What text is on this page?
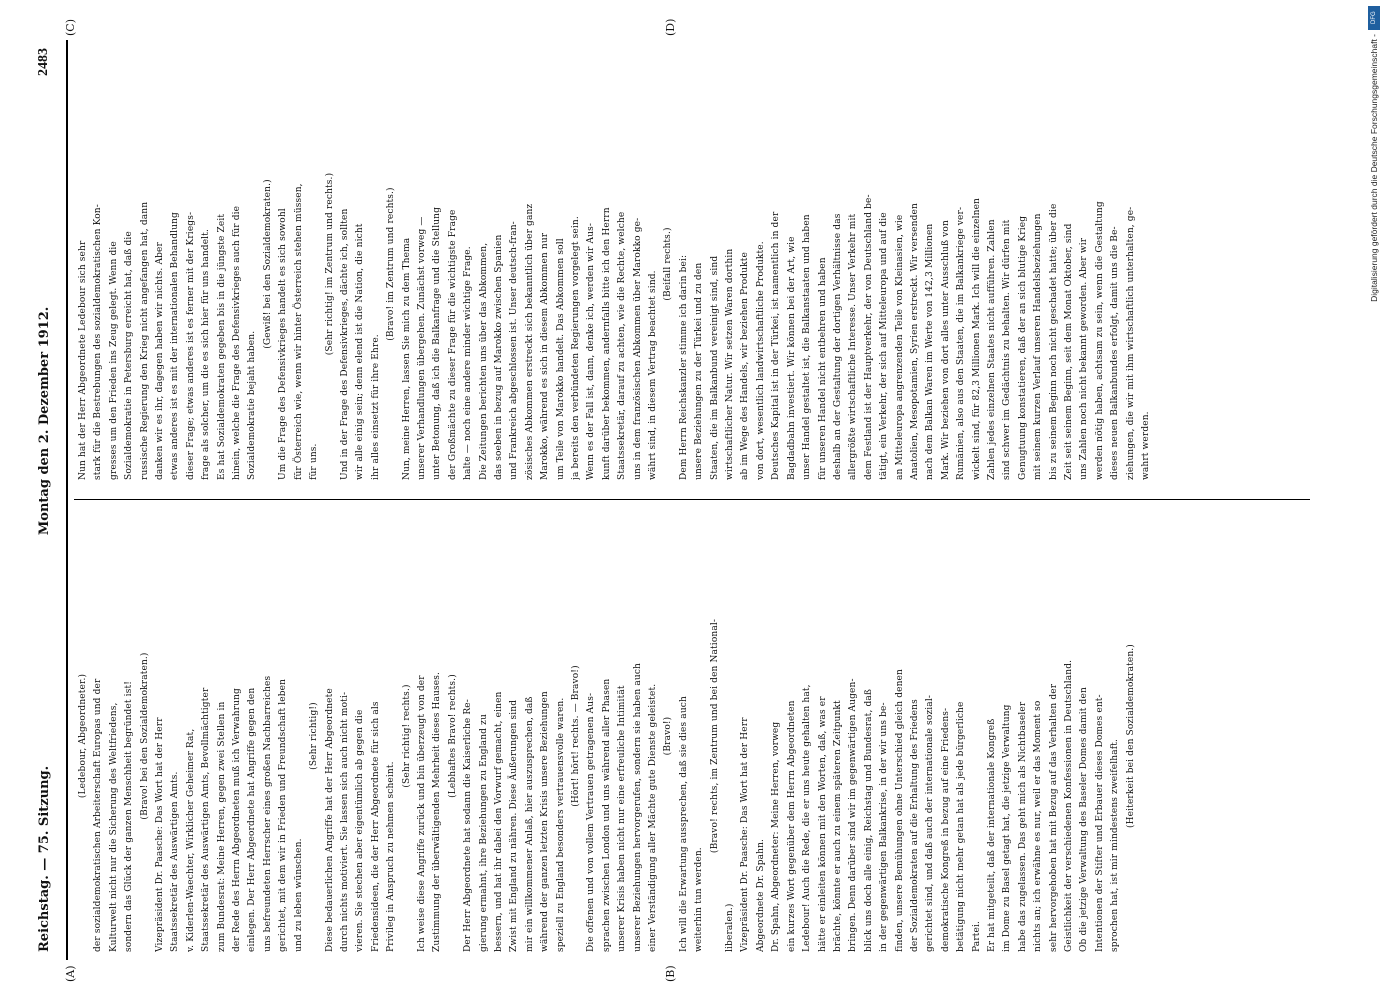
Reichstag. — 75. Sitzung.
Montag den 2. Dezember 1912.
2483
(Ledebour, Abgeordneter.) der sozialdemokratischen Arbeiterschaft Europas und der Kulturwelt nicht nur die Sicherung des Weltfriedens, sondern das Glück der ganzen Menschheit begründet ist! (Bravo! bei den Sozialdemokraten.) Vizepräsident Dr. Paasche: Das Wort hat der Herr Staatssekretär des Auswärtigen Amts. v. Kiderlen-Waechter, Wirklicher Geheimer Rat, Staatssekretär des Auswärtigen Amts, Bevollmächtigter zum Bundesrat: Meine Herren, gegen zwei Stellen in der Rede des Herrn Abgeordneten muß ich Verwahrung einlegen. Der Herr Abgeordnete hat Angriffe gegen den uns befreundeten Herrscher eines großen Nachbarreiches gerichtet, mit dem wir in Frieden und Freundschaft leben und zu leben wünschen.
(Sehr richtig!) Diese bedauerlichen Angriffe hat der Herr Abgeordnete durch nichts motiviert. Sie lassen sich auch nicht moti- vieren. Sie stechen aber eigentümlich ab gegen die Friedensideen, die der Herr Abgeordnete für sich als Privileg in Anspruch zu nehmen scheint.
(Sehr richtig! rechts.) Ich weise diese Angriffe zurück und bin überzeugt von der Zustimmung der überwältigenden Mehrheit dieses Hauses. (Lebhaftes Bravo! rechts.) Der Herr Abgeordnete hat sodann die Kaiserliche Re- gierung ermahnt, ihre Beziehungen zu England zu bessern, und hat ihr dabei den Vorwurf gemacht, einen Zwist mit England zu nähren. Diese Äußerungen sind mir ein willkommener Anlaß, hier auszusprechen, daß während der ganzen letzten Krisis unsere Beziehungen speziell zu England besonders vertrauensvolle waren. (Hört! hört! rechts. — Bravo!) Die offenen und von vollem Vertrauen getragenen Aus- sprachen zwischen London und uns während aller Phasen unserer Krisis haben nicht nur eine erfreuliche Intimität unserer Beziehungen hervorgerufen, sondern sie haben auch einer Verständigung aller Mächte gute Dienste geleistet. (Bravo!) Ich will die Erwartung aussprechen, daß sie dies auch weiterhin tun werden.
(Bravo! rechts, im Zentrum und bei den National-
liberalen.) Vizepräsident Dr. Paasche: Das Wort hat der Herr Abgeordnete Dr. Spahn. Dr. Spahn, Abgeordneter: Meine Herren, vorweg ein kurzes Wort gegenüber dem Herrn Abgeordneten Ledebour! Auch die Rede, die er uns heute gehalten hat, hätte er einleiten können mit den Worten, daß, was er brächte, könnte er auch zu einem späteren Zeitpunkt bringen. Denn darüber sind wir im gegenwärtigen Augen- blick uns doch alle einig, Reichstag und Bundesrat, daß in der gegenwärtigen Balkankrise, in der wir uns be- finden, unsere Bemühungen ohne Unterschied gleich denen der Sozialdemokraten auf die Erhaltung des Friedens gerichtet sind, und daß auch der internationale sozial- demokratische Kongreß in bezug auf eine Friedens- betätigung nicht mehr getan hat als jede bürgerliche Partei. Er hat mitgeteilt, daß der internationale Kongreß im Dome zu Basel getagt hat, die jetzige Verwaltung habe das zugelassen. Das geht mich als Nichtbaseler nichts an; ich erwähne es nur, weil er das Moment so sehr hervorgehoben hat mit Bezug auf das Verhalten der Geistlichkeit der verschiedenen Konfessionen in Deutschland. Ob die jetzige Verwaltung des Baseler Domes damit den Intentionen der Stifter und Erbauer dieses Domes ent- sprochen hat, ist mir mindestens zweifelhaft.
(Heiterkeit bei den Sozialdemokraten.)
Nun hat der Herr Abgeordnete Ledebour sich sehr stark für die Bestrebungen des sozialdemokratischen Kon- gresses um den Frieden ins Zeug gelegt. Wenn die Sozialdemokratie in Petersburg erreicht hat, daß die russische Regierung den Krieg nicht angefangen hat, dann danken wir es ihr, dagegen haben wir nichts. Aber etwas anderes ist es mit der internationalen Behandlung dieser Frage; etwas anderes ist es ferner mit der Kriegs- frage als solcher, um die es sich hier für uns handelt. Es hat Sozialdemokraten gegeben bis in die jüngste Zeit hinein, welche die Frage des Defensivkrieges auch für die Sozialdemokratie bejaht haben.
(Gewiß! bei den Sozialdemokraten.) Um die Frage des Defensivkrieges handelt es sich sowohl für Österreich wie, wenn wir hinter Österreich stehen müssen, für uns.
(Sehr richtig! im Zentrum und rechts.) Und in der Frage des Defensivkrieges, dächte ich, sollten wir alle einig sein; denn elend ist die Nation, die nicht ihr alles einsetzt für ihre Ehre.
(Bravo! im Zentrum und rechts.) Nun, meine Herren, lassen Sie mich zu dem Thema unserer Verhandlungen übergehen. Zunächst vorweg — unter Betonung, daß ich die Balkanfrage und die Stellung der Großmächte zu dieser Frage für die wichtigste Frage halte — noch eine andere minder wichtige Frage. Die Zeitungen berichten uns über das Abkommen, das soeben in bezug auf Marokko zwischen Spanien und Frankreich abgeschlossen ist. Unser deutsch-fran- zösisches Abkommen erstreckt sich bekanntlich über ganz Marokko, während es sich in diesem Abkommen nur um Teile von Marokko handelt. Das Abkommen soll ja bereits den verbündeten Regierungen vorgelegt sein. Wenn es der Fall ist, dann, denke ich, werden wir Aus- kunft darüber bekommen, andernfalls bitte ich den Herrn Staatssekretär, darauf zu achten, wie die Rechte, welche uns in dem französischen Abkommen über Marokko ge- währt sind, in diesem Vertrag beachtet sind.
(Beifall rechts.) Dem Herrn Reichskanzler stimme ich darin bei: unsere Beziehungen zu der Türkei und zu den Staaten, die im Balkanbund vereinigt sind, sind wirtschaftlicher Natur. Wir setzen Waren dorthin ab im Wege des Handels, wir beziehen Produkte von dort, wesentlich landwirtschaftliche Produkte. Deutsches Kapital ist in der Türkei, ist namentlich in der Bagdadbahn investiert. Wir können bei der Art, wie unser Handel gestaltet ist, die Balkanstaaten und haben für unseren Handel nicht entbehren und haben deshalb an der Gestaltung der dortigen Verhältnisse das allergrößte wirtschaftliche Interesse. Unser Verkehr mit dem Festland ist der Hauptverkehr, der von Deutschland be- tätigt, ein Verkehr, der sich auf Mitteleuropa und auf die an Mitteleuropa angrenzenden Teile von Kleinasien, wie Anatolien, Mesopotamien, Syrien erstreckt. Wir versenden nach dem Balkan Waren im Werte von 142,3 Millionen Mark. Wir beziehen von dort alles unter Ausschluß von Rumänien, also aus den Staaten, die im Balkankriege ver- wickelt sind, für 82,3 Millionen Mark. Ich will die einzelnen Zahlen jedes einzelnen Staates nicht aufführen. Zahlen sind schwer im Gedächtnis zu behalten. Wir dürfen mit Genugtuung konstatieren, daß der an sich blutige Krieg mit seinem kurzen Verlauf unseren Handelsbeziehungen bis zu seinem Beginn noch nicht geschadet hatte; über die Zeit seit seinem Beginn, seit dem Monat Oktober, sind uns Zahlen noch nicht bekannt geworden. Aber wir werden nötig haben, achtsam zu sein, wenn die Gestaltung dieses neuen Balkanbundes erfolgt, damit uns die Be- ziehungen, die wir mit ihm wirtschaftlich unterhalten, ge- wahrt werden.
(A)	(B)
(C)	(D)
DFG
Digitalisierung gefördert durch die Deutsche Forschungsgemeinschaft -
